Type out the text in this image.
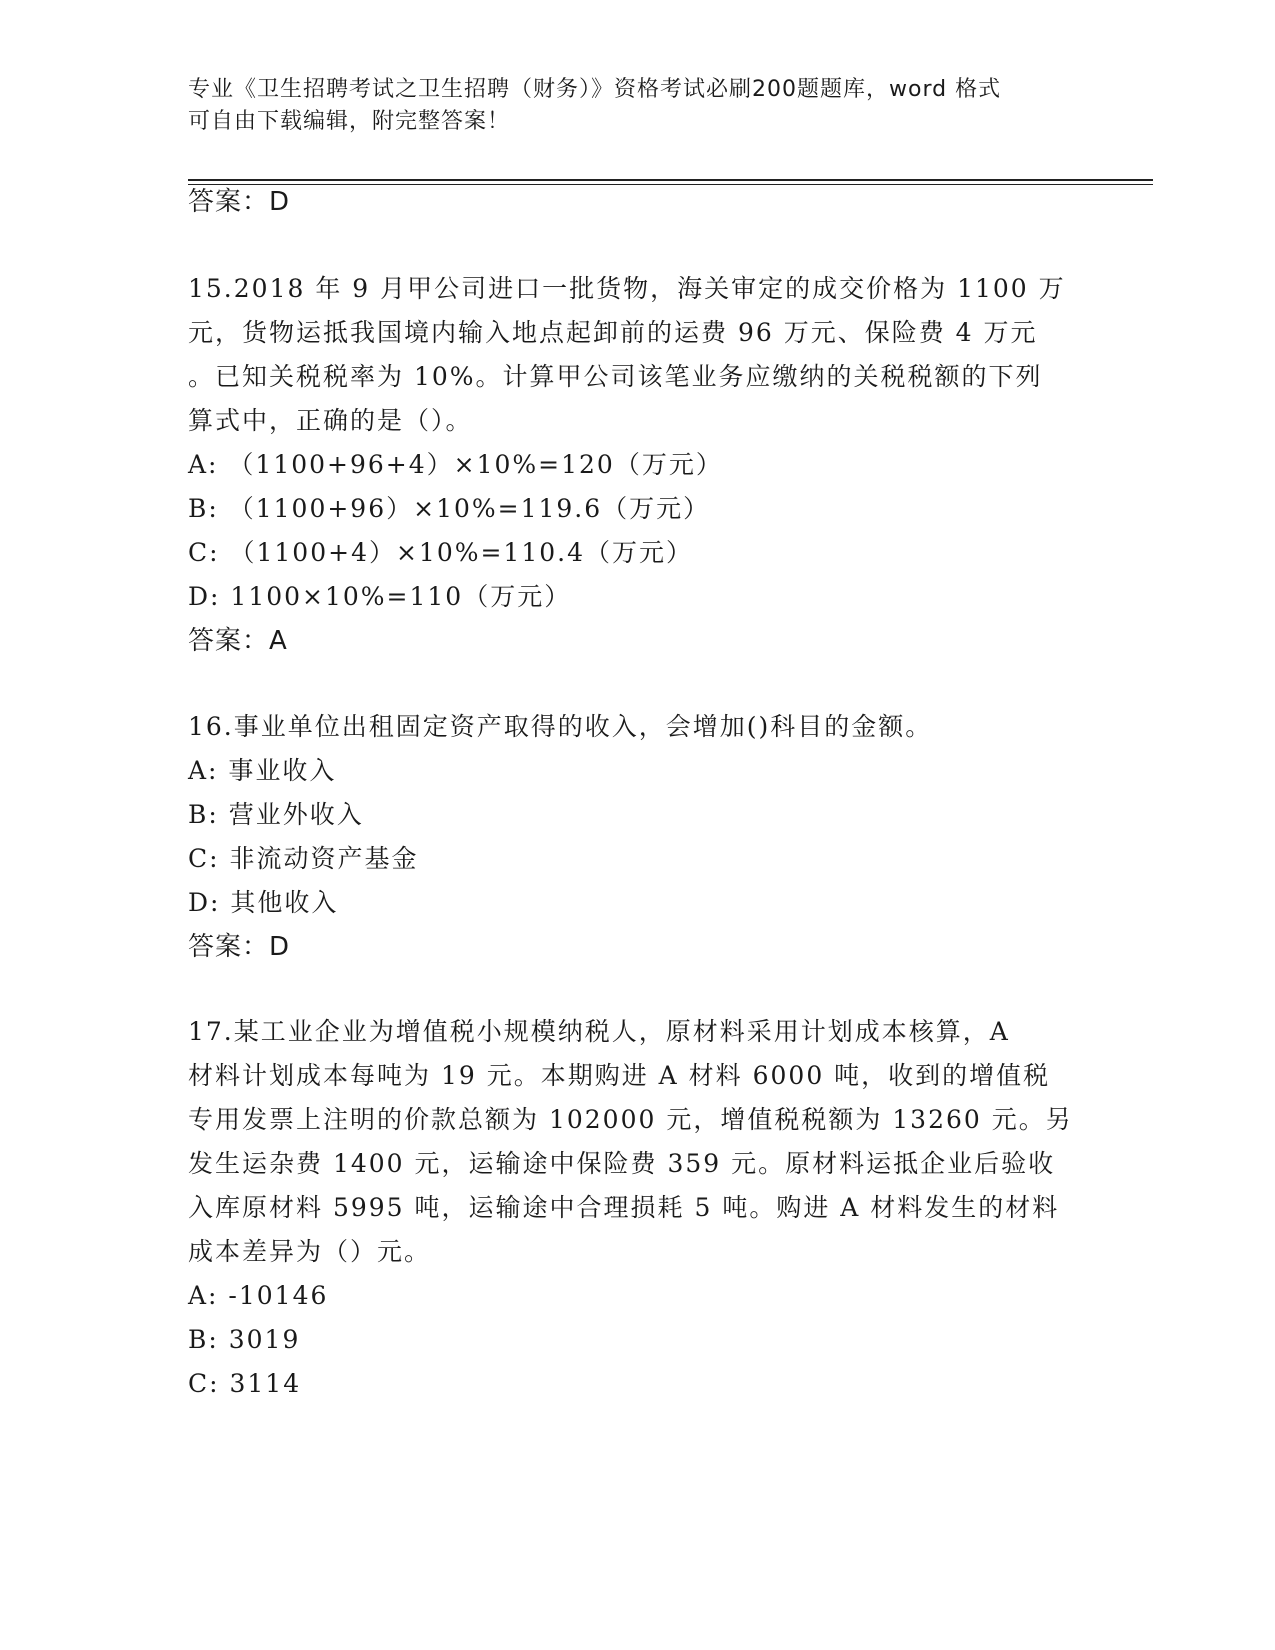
专业《卫生招聘考试之卫生招聘（财务）》资格考试必刷200题题库，word 格式
可自由下载编辑，附完整答案！
答案：D
15.2018 年 9 月甲公司进口一批货物，海关审定的成交价格为 1100 万
元，货物运抵我国境内输入地点起卸前的运费 96 万元、保险费 4 万元
。已知关税税率为 10%。计算甲公司该笔业务应缴纳的关税税额的下列
算式中，正确的是（）。
A: （1100+96+4）×10%=120（万元）
B: （1100+96）×10%=119.6（万元）
C: （1100+4）×10%=110.4（万元）
D: 1100×10%=110（万元）
答案：A
16.事业单位出租固定资产取得的收入，会增加()科目的金额。
A: 事业收入
B: 营业外收入
C: 非流动资产基金
D: 其他收入
答案：D
17.某工业企业为增值税小规模纳税人，原材料采用计划成本核算，A
材料计划成本每吨为 19 元。本期购进 A 材料 6000 吨，收到的增值税
专用发票上注明的价款总额为 102000 元，增值税税额为 13260 元。另
发生运杂费 1400 元，运输途中保险费 359 元。原材料运抵企业后验收
入库原材料 5995 吨，运输途中合理损耗 5 吨。购进 A 材料发生的材料
成本差异为（）元。
A: -10146
B: 3019
C: 3114
